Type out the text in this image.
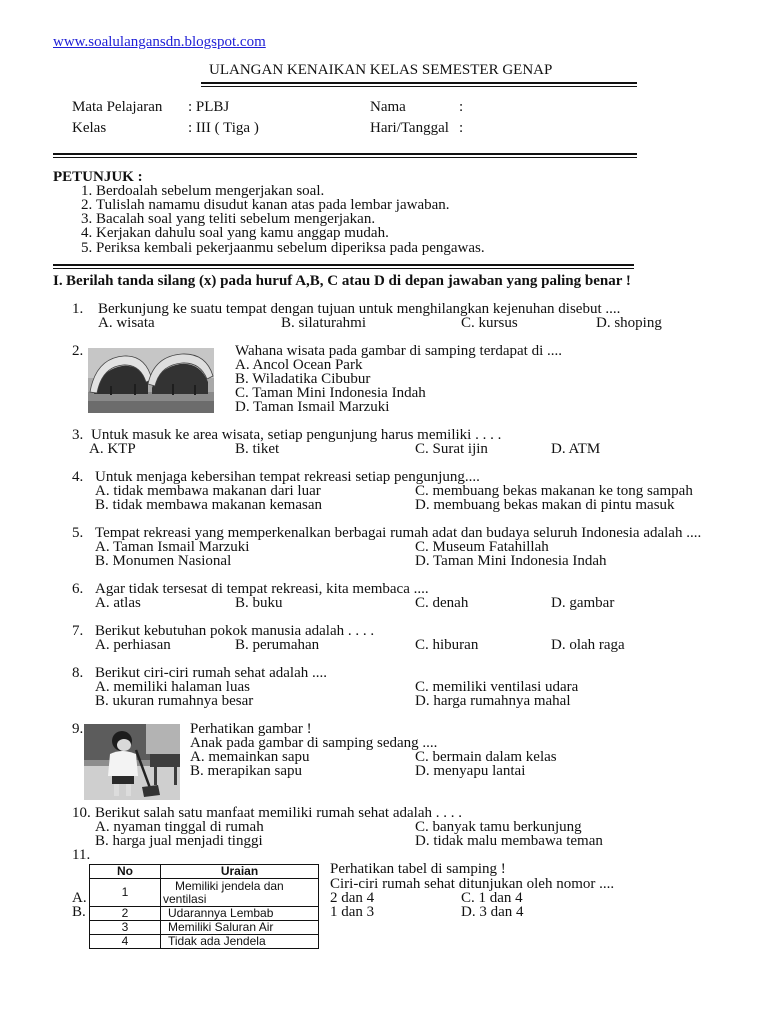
www.soalulangansdn.blogspot.com
ULANGAN KENAIKAN KELAS SEMESTER GENAP
Mata Pelajaran : PLBJ	Nama	:
Kelas	: III ( Tiga )	Hari/Tanggal :
PETUNJUK :
1. Berdoalah sebelum mengerjakan soal.
2. Tulislah namamu disudut kanan atas pada lembar jawaban.
3. Bacalah soal yang teliti sebelum mengerjakan.
4. Kerjakan dahulu soal yang kamu anggap mudah.
5. Periksa kembali pekerjaanmu sebelum diperiksa pada pengawas.
I. Berilah tanda silang (x) pada huruf A,B, C atau D di depan jawaban yang paling benar !
1. Berkunjung ke suatu tempat dengan tujuan untuk menghilangkan kejenuhan disebut ....
A. wisata	B. silaturahmi	C. kursus	D. shoping
2.	Wahana wisata pada gambar di samping terdapat di ....
A. Ancol Ocean Park
B. Wiladatika Cibubur
C. Taman Mini Indonesia Indah
D. Taman Ismail Marzuki
3. Untuk masuk ke area wisata, setiap pengunjung harus memiliki . . . .
A. KTP	B. tiket	C. Surat ijin	D. ATM
4. Untuk menjaga kebersihan tempat rekreasi setiap pengunjung....
A. tidak membawa makanan dari luar
B. tidak membawa makanan kemasan
C. membuang bekas makanan ke tong sampah
D. membuang bekas makan di pintu masuk
5. Tempat rekreasi yang memperkenalkan berbagai rumah adat dan budaya seluruh Indonesia adalah ....
A. Taman Ismail Marzuki
B. Monumen Nasional
C. Museum Fatahillah
D. Taman Mini Indonesia Indah
6. Agar tidak tersesat di tempat rekreasi, kita membaca ....
A. atlas	B. buku	C. denah	D. gambar
7. Berikut kebutuhan pokok manusia adalah . . . .
A. perhiasan	B. perumahan	C. hiburan	D. olah raga
8. Berikut ciri-ciri rumah sehat adalah ....
A. memiliki halaman luas
B. ukuran rumahnya besar
C. memiliki ventilasi udara
D. harga rumahnya mahal
9.	Perhatikan gambar !
Anak pada gambar di samping sedang ....
A. memainkan sapu
B. merapikan sapu
C. bermain dalam kelas
D. menyapu lantai
10. Berikut salah satu manfaat memiliki rumah sehat adalah . . . .
A. nyaman tinggal di rumah
B. harga jual menjadi tinggi
C. banyak tamu berkunjung
D. tidak malu membawa teman
11.
No	Uraian
1	Memiliki jendela dan
ventilasi

2	Udarannya Lembab
3	Memiliki Saluran Air
4	Tidak ada Jendela
Perhatikan tabel di samping !
Ciri-ciri rumah sehat ditunjukan oleh nomor ....
A.
B.
2 dan 4
1 dan 3
C. 1 dan 4
D. 3 dan 4
